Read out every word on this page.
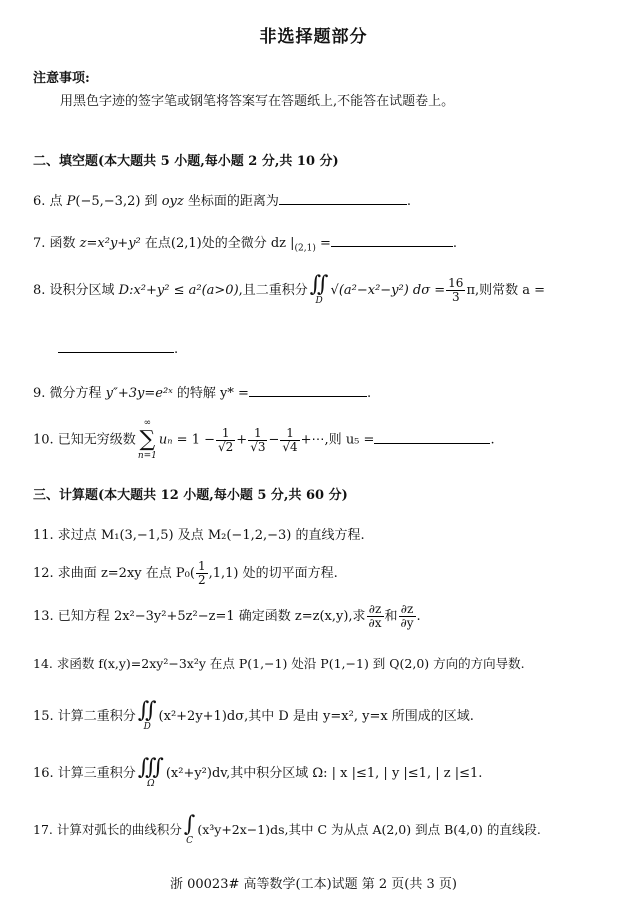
非选择题部分
注意事项:
用黑色字迹的签字笔或钢笔将答案写在答题纸上,不能答在试题卷上。
二、填空题(本大题共 5 小题,每小题 2 分,共 10 分)
6. 点 P(−5,−3,2) 到 oyz 坐标面的距离为	.
7. 函数 z=x²y+y² 在点(2,1)处的全微分 dz $|_{(2,1)}$ =	.
8. 设积分区域 D:x²+y² ≤ a²(a>0),且二重积分 ∬
D
√(a²−x²−y²) $d\sigma = \frac{16}{3} \pi$,则常数 a =
.
9. 微分方程 y″+3y=e²ˣ 的特解 y* =	.
10. 已知无穷级数
∞
∑
n=1
$u_n = 1 - \frac{1}{√2} + \frac{1}{√3} - \frac{1}{√4}$ +⋯,则 u₅ =	.
三、计算题(本大题共 12 小题,每小题 5 分,共 60 分)
11. 求过点 M₁(3,−1,5) 及点 M₂(−1,2,−3) 的直线方程.
12. 求曲面 z=2xy 在点 $P_0( \frac{1}{2} ,1,1)$ 处的切平面方程.
13. 已知方程 2x²−3y²+5z²−z=1 确定函数 z=z(x,y),求 $\frac{\partial z}{\partial x}$ 和 $\frac{\partial z}{\partial y}$ .
14. 求函数 f(x,y)=2xy²−3x²y 在点 P(1,−1) 处沿 P(1,−1) 到 Q(2,0) 方向的方向导数.
15. 计算二重积分 ∬
D
(x²+2y+1)dσ,其中 D 是由 y=x², y=x 所围成的区域.
16. 计算三重积分 ∭
Ω
(x²+y²)dv,其中积分区域 Ω: | x |≤1, | y |≤1, | z |≤1.
17. 计算对弧长的曲线积分 ∫
C
(x³y+2x−1)ds,其中 C 为从点 A(2,0) 到点 B(4,0) 的直线段.
浙 00023# 高等数学(工本)试题 第 2 页(共 3 页)
